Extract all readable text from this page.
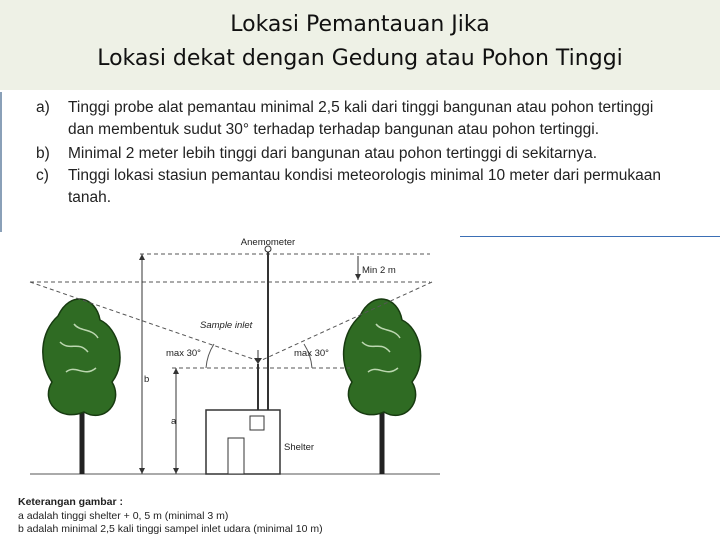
Lokasi Pemantauan Jika
Lokasi dekat dengan Gedung atau Pohon Tinggi
a) Tinggi probe alat pemantau minimal 2,5 kali dari tinggi bangunan atau pohon tertinggi
dan membentuk sudut 30° terhadap terhadap bangunan atau pohon tertinggi.
b) Minimal 2 meter lebih tinggi dari bangunan atau pohon tertinggi di sekitarnya.
c) Tinggi lokasi stasiun pemantau kondisi meteorologis minimal 10 meter dari permukaan
tanah.
Anemometer
Min 2 m
Sample inlet
max 30°	max 30°
b
a
Shelter
Keterangan gambar :
a adalah tinggi shelter + 0, 5 m (minimal 3 m)
b adalah minimal 2,5 kali tinggi sampel inlet udara (minimal 10 m)
